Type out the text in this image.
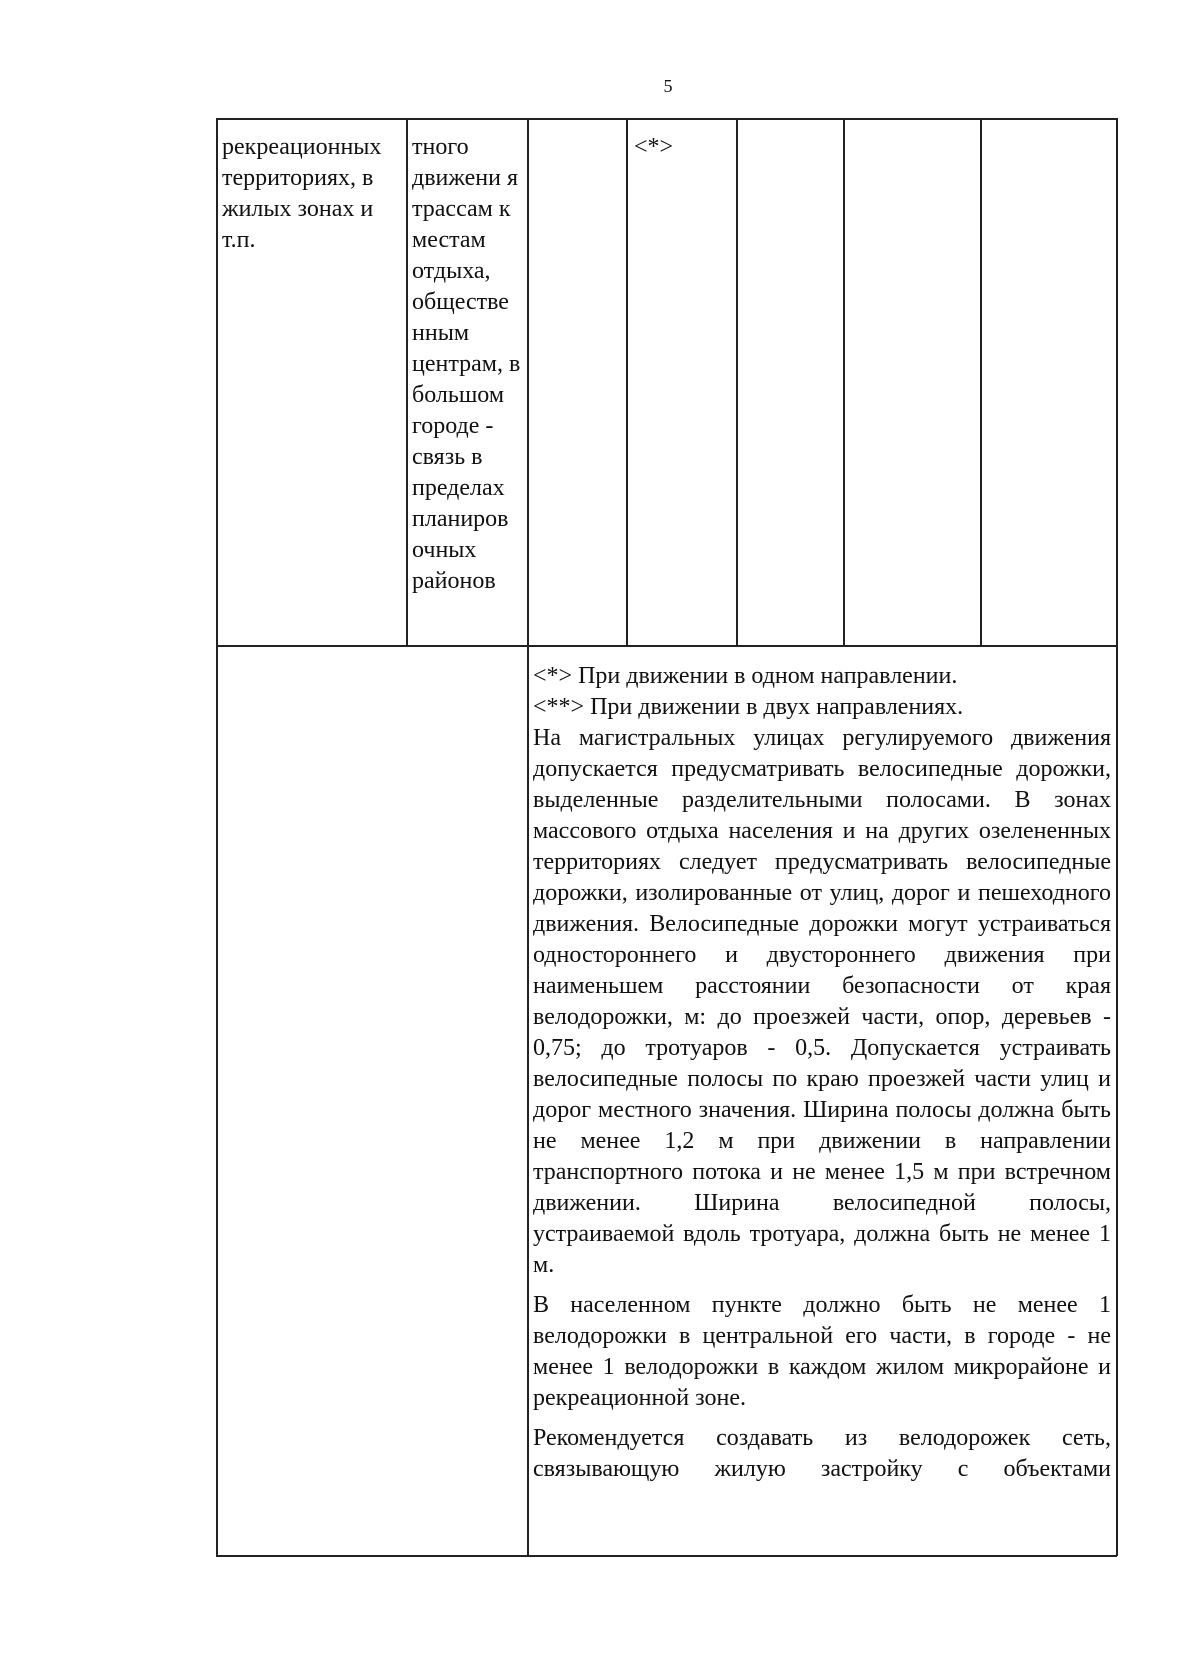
5
рекреационных территориях, в жилых зонах и т.п.
тного движени я трассам к местам отдыха, обществе нным центрам, в большом городе - связь в пределах планиров очных районов
<*>

<*> При движении в одном направлении.

<**> При движении в двух направлениях.

На магистральных улицах регулируемого движения допускается предусматривать велосипедные дорожки, выделенные разделительными полосами. В зонах массового отдыха населения и на других озелененных территориях следует предусматривать велосипедные дорожки, изолированные от улиц, дорог и пешеходного движения. Велосипедные дорожки могут устраиваться одностороннего и двустороннего движения при наименьшем расстоянии безопасности от края велодорожки, м: до проезжей части, опор, деревьев - 0,75; до тротуаров - 0,5. Допускается устраивать велосипедные полосы по краю проезжей части улиц и дорог местного значения. Ширина полосы должна быть не менее 1,2 м при движении в направлении транспортного потока и не менее 1,5 м при встречном движении. Ширина велосипедной полосы, устраиваемой вдоль тротуара, должна быть не менее 1 м.

В населенном пункте должно быть не менее 1 велодорожки в центральной его части, в городе - не менее 1 велодорожки в каждом жилом микрорайоне и рекреационной зоне.

Рекомендуется создавать из велодорожек сеть, связывающую жилую застройку с объектами
